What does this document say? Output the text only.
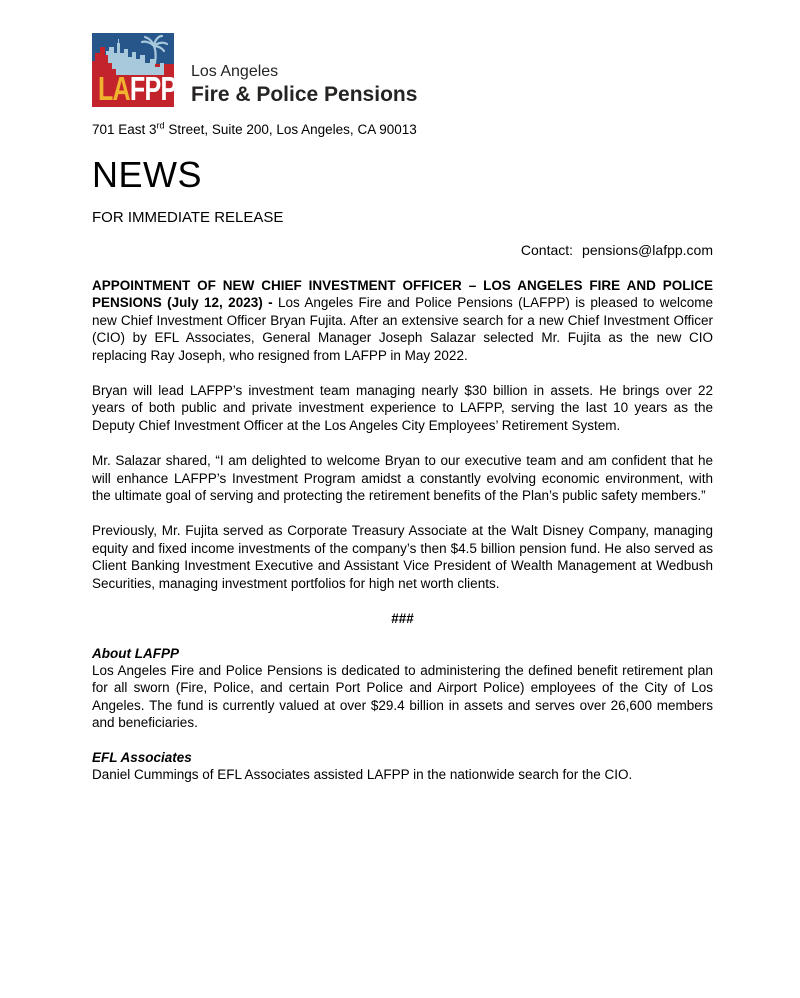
LAFPP Los Angeles
Fire & Police Pensions
701 East 3rd Street, Suite 200, Los Angeles, CA 90013
NEWS
FOR IMMEDIATE RELEASE
Contact: pensions@lafpp.com

APPOINTMENT OF NEW CHIEF INVESTMENT OFFICER – LOS ANGELES FIRE AND POLICE PENSIONS (July 12, 2023) - Los Angeles Fire and Police Pensions (LAFPP) is pleased to welcome new Chief Investment Officer Bryan Fujita. After an extensive search for a new Chief Investment Officer (CIO) by EFL Associates, General Manager Joseph Salazar selected Mr. Fujita as the new CIO replacing Ray Joseph, who resigned from LAFPP in May 2022.

Bryan will lead LAFPP’s investment team managing nearly $30 billion in assets. He brings over 22 years of both public and private investment experience to LAFPP, serving the last 10 years as the Deputy Chief Investment Officer at the Los Angeles City Employees’ Retirement System.

Mr. Salazar shared, “I am delighted to welcome Bryan to our executive team and am confident that he will enhance LAFPP’s Investment Program amidst a constantly evolving economic environment, with the ultimate goal of serving and protecting the retirement benefits of the Plan’s public safety members.”

Previously, Mr. Fujita served as Corporate Treasury Associate at the Walt Disney Company, managing equity and fixed income investments of the company’s then $4.5 billion pension fund. He also served as Client Banking Investment Executive and Assistant Vice President of Wealth Management at Wedbush Securities, managing investment portfolios for high net worth clients.

###

About LAFPP

Los Angeles Fire and Police Pensions is dedicated to administering the defined benefit retirement plan for all sworn (Fire, Police, and certain Port Police and Airport Police) employees of the City of Los Angeles. The fund is currently valued at over $29.4 billion in assets and serves over 26,600 members and beneficiaries.

EFL Associates

Daniel Cummings of EFL Associates assisted LAFPP in the nationwide search for the CIO.
